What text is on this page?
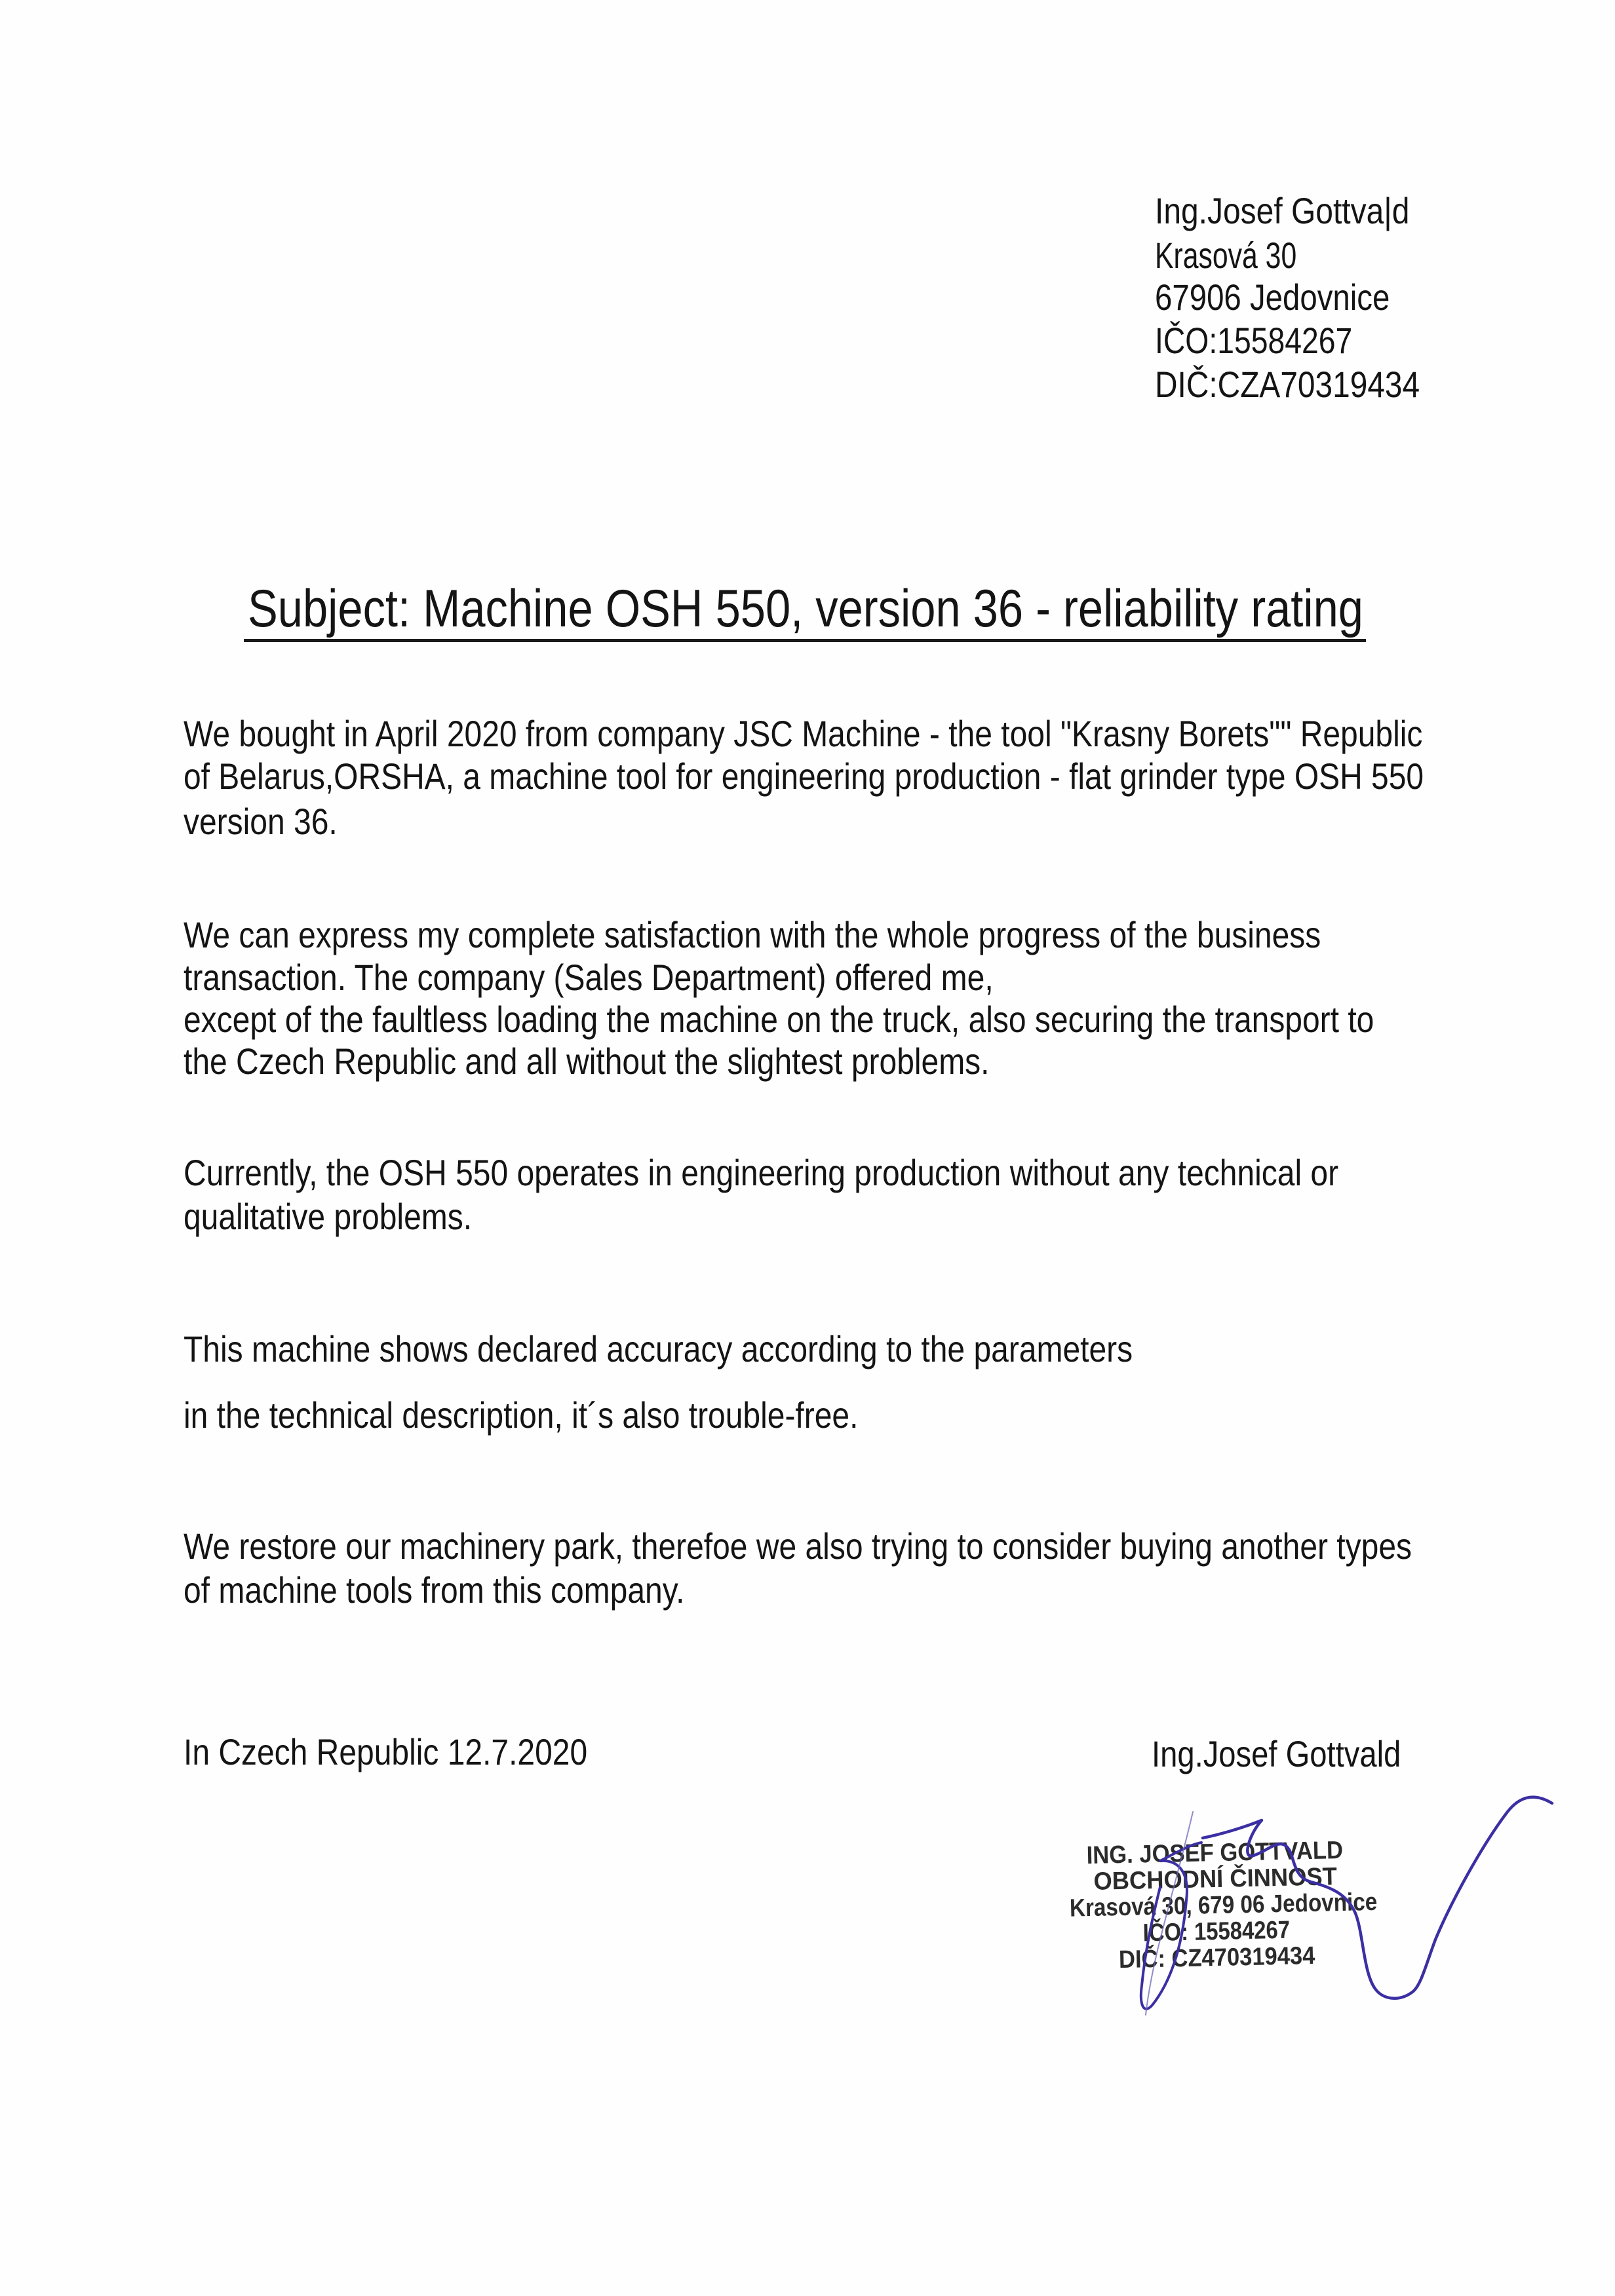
Ing.Josef Gottva|d
Krasová 30
67906 Jedovnice
IČO:15584267
DIČ:CZA70319434
Subject: Machine OSH 550, version 36 - reliability rating
We bought in April 2020 from company JSC Machine - the tool "Krasny Borets"" Republic
of Belarus,ORSHA, a machine tool for engineering production - flat grinder type OSH 550
version 36.
We can express my complete satisfaction with the whole progress of the business
transaction. The company (Sales Department) offered me,
except of the faultless loading the machine on the truck, also securing the transport to
the Czech Republic and all without the slightest problems.
Currently, the OSH 550 operates in engineering production without any technical or
qualitative problems.
This machine shows declared accuracy according to the parameters
in the technical description, it´s also trouble-free.
We restore our machinery park, therefoe we also trying to consider buying another types
of machine tools from this company.
In Czech Republic 12.7.2020	Ing.Josef Gottvald
ING. JOSEF GOTTVALD
OBCHODNÍ ČINNOST
Krasová 30, 679 06 Jedovnice
IČO: 15584267
DIČ: CZ470319434
